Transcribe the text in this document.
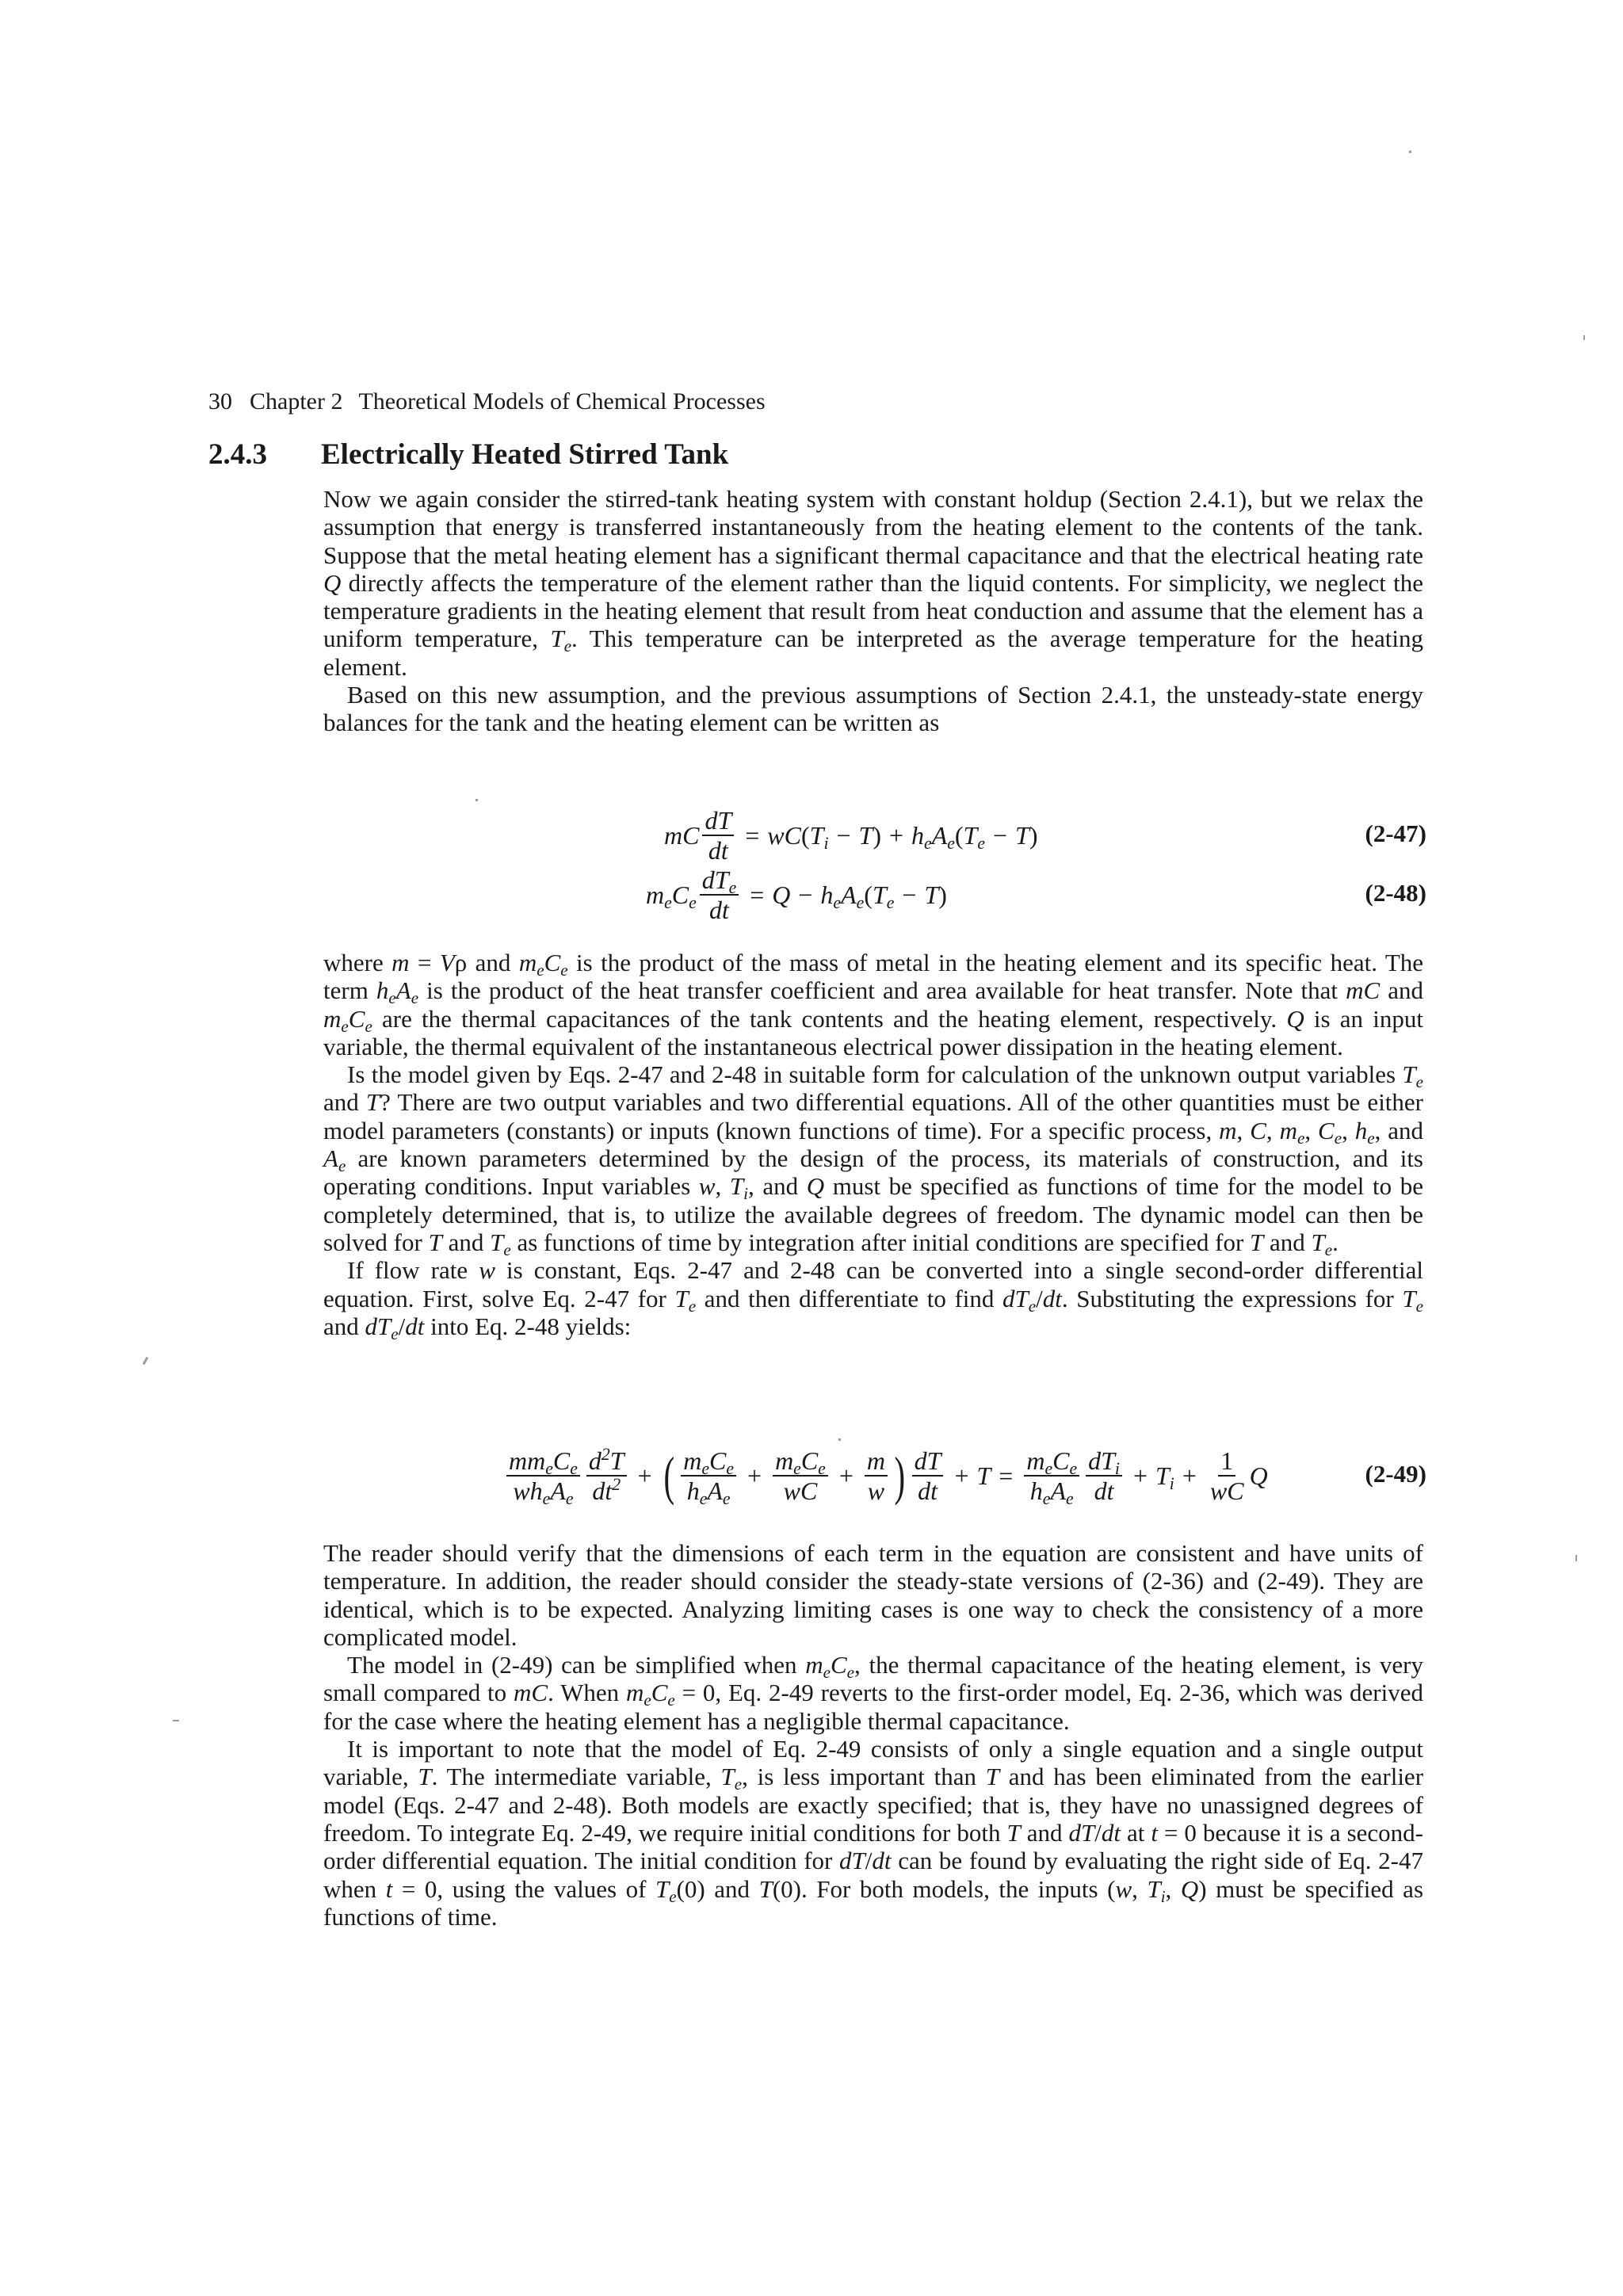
30 Chapter 2 Theoretical Models of Chemical Processes
2.4.3 Electrically Heated Stirred Tank

Now we again consider the stirred-tank heating system with constant holdup (Section 2.4.1), but we relax the assumption that energy is transferred instantaneously from the heating element to the contents of the tank. Suppose that the metal heating element has a significant thermal capacitance and that the electrical heating rate Q directly affects the temperature of the element rather than the liquid contents. For simplicity, we neglect the temperature gradients in the heating element that result from heat conduction and assume that the element has a uniform temperature, $T_e$. This temperature can be interpreted as the average temperature for the heating element.

Based on this new assumption, and the previous assumptions of Section 2.4.1, the unsteady-state energy balances for the tank and the heating element can be written as

mC $\frac{dT}{dt}$ = wC ( $T_i - T$ ) + $h_eA_e$ ( $T_e - T$ )	(2-47)
$m_eC_e \frac{dT_e}{dt} = Q - h_eA_e$ ( $T_e - T$ )	(2-48)

where m = Vρ and $m_eC_e$ is the product of the mass of metal in the heating element and its specific heat. The term $h_eA_e$ is the product of the heat transfer coefficient and area available for heat transfer. Note that mC and $m_eC_e$ are the thermal capacitances of the tank contents and the heating element, respectively. Q is an input variable, the thermal equivalent of the instantaneous electrical power dissipation in the heating element.

Is the model given by Eqs. 2-47 and 2-48 in suitable form for calculation of the unknown output variables $T_e$ and T? There are two output variables and two differential equations. All of the other quantities must be either model parameters (constants) or inputs (known functions of time). For a specific process, m, C, $m_e$, $C_e$, $h_e$, and $A_e$ are known parameters determined by the design of the process, its materials of construction, and its operating conditions. Input variables w, $T_i$, and Q must be specified as functions of time for the model to be completely determined, that is, to utilize the available degrees of freedom. The dynamic model can then be solved for T and $T_e$ as functions of time by integration after initial conditions are specified for T and $T_e$.

If flow rate w is constant, Eqs. 2-47 and 2-48 can be converted into a single second-order differential equation. First, solve Eq. 2-47 for $T_e$ and then differentiate to find $dT_e/dt$. Substituting the expressions for $T_e$ and $dT_e/dt$ into Eq. 2-48 yields:

$\frac{mm_eC_e}{wh_eA_e} \frac{d^2T}{dt^2}$ + ( $\frac{m_eC_e}{h_eA_e} + \frac{m_eC_e}{wC} + \frac{m}{w}$ ) $\frac{dT}{dt} + T = \frac{m_eC_e}{h_eA_e} \frac{dT_i}{dt} + T_i + \frac{1}{wC}$ Q	(2-49)

The reader should verify that the dimensions of each term in the equation are consistent and have units of temperature. In addition, the reader should consider the steady-state versions of (2-36) and (2-49). They are identical, which is to be expected. Analyzing limiting cases is one way to check the consistency of a more complicated model.

The model in (2-49) can be simplified when $m_eC_e$, the thermal capacitance of the heating element, is very small compared to mC. When $m_eC_e = 0$, Eq. 2-49 reverts to the first-order model, Eq. 2-36, which was derived for the case where the heating element has a negligible thermal capacitance.

It is important to note that the model of Eq. 2-49 consists of only a single equation and a single output variable, T. The intermediate variable, $T_e$, is less important than T and has been eliminated from the earlier model (Eqs. 2-47 and 2-48). Both models are exactly specified; that is, they have no unassigned degrees of freedom. To integrate Eq. 2-49, we require initial conditions for both T and dT/dt at t = 0 because it is a second-order differential equation. The initial condition for dT/dt can be found by evaluating the right side of Eq. 2-47 when t = 0, using the values of $T_e(0)$ and T(0). For both models, the inputs (w, $T_i$, Q) must be specified as functions of time.
